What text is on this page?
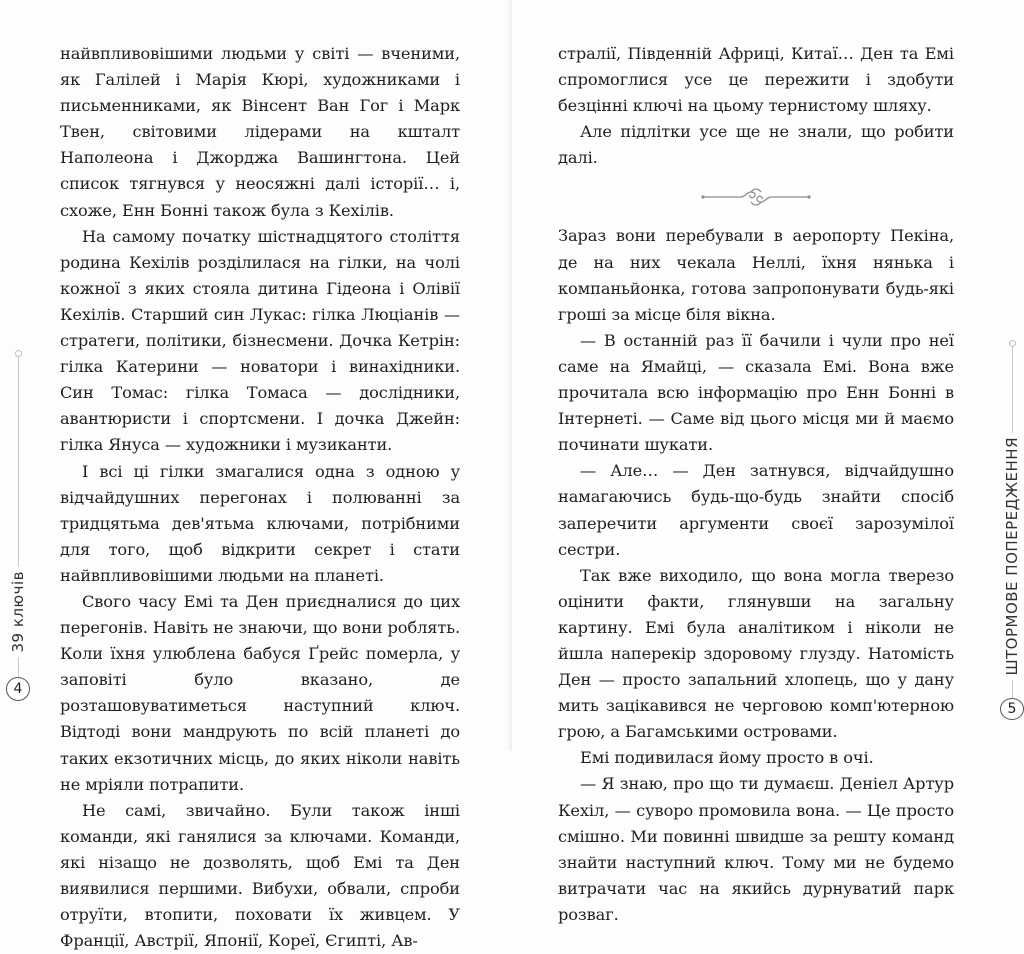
найвпливовішими людьми у світі — вченими, як Галілей і Марія Кюрі, художниками і письменниками, як Вінсент Ван Гог і Марк Твен, світовими лідерами на кшталт Наполеона і Джорджа Вашингтона. Цей список тягнувся у неосяжні далі історії… і, схоже, Енн Бонні також була з Кехілів.

На самому початку шістнадцятого століття родина Кехілів розділилася на гілки, на чолі кожної з яких стояла дитина Гідеона і Олівії Кехілів. Старший син Лукас: гілка Люціанів — стратеги, політики, бізнесмени. Дочка Кетрін: гілка Катерини — новатори і винахідники. Син Томас: гілка Томаса — дослідники, авантюристи і спортсмени. І дочка Джейн: гілка Януса — художники і музиканти.

І всі ці гілки змагалися одна з одною у відчайдушних перегонах і полюванні за тридцятьма дев'ятьма ключами, потрібними для того, щоб відкрити секрет і стати найвпливовішими людьми на планеті.

Свого часу Емі та Ден приєдналися до цих перегонів. Навіть не знаючи, що вони роблять. Коли їхня улюблена бабуся Ґрейс померла, у заповіті було вказано, де розташовуватиметься наступний ключ. Відтоді вони мандрують по всій планеті до таких екзотичних місць, до яких ніколи навіть не мріяли потрапити.

Не самі, звичайно. Були також інші команди, які ганялися за ключами. Команди, які нізащо не дозволять, щоб Емі та Ден виявилися першими. Вибухи, обвали, спроби отруїти, втопити, поховати їх живцем. У Франції, Австрії, Японії, Кореї, Єгипті, Ав-

39 ключів
4

стралії, Південній Африці, Китаї… Ден та Емі спромоглися усе це пережити і здобути безцінні ключі на цьому тернистому шляху.

Але підлітки усе ще не знали, що робити далі.

Зараз вони перебували в аеропорту Пекіна, де на них чекала Неллі, їхня нянька і компаньйонка, готова запропонувати будь-які гроші за місце біля вікна.

— В останній раз її бачили і чули про неї саме на Ямайці, — сказала Емі. Вона вже прочитала всю інформацію про Енн Бонні в Інтернеті. — Саме від цього місця ми й маємо починати шукати.

— Але… — Ден затнувся, відчайдушно намагаючись будь-що-будь знайти спосіб заперечити аргументи своєї зарозумілої сестри.

Так вже виходило, що вона могла тверезо оцінити факти, глянувши на загальну картину. Емі була аналітиком і ніколи не йшла наперекір здоровому глузду. Натомість Ден — просто запальний хлопець, що у дану мить зацікавився не черговою комп'ютерною грою, а Багамськими островами.

Емі подивилася йому просто в очі.

— Я знаю, про що ти думаєш. Деніел Артур Кехіл, — суворо промовила вона. — Це просто смішно. Ми повинні швидше за решту команд знайти наступний ключ. Тому ми не будемо витрачати час на якийсь дурнуватий парк розваг.

ШТОРМОВЕ ПОПЕРЕДЖЕННЯ
5
